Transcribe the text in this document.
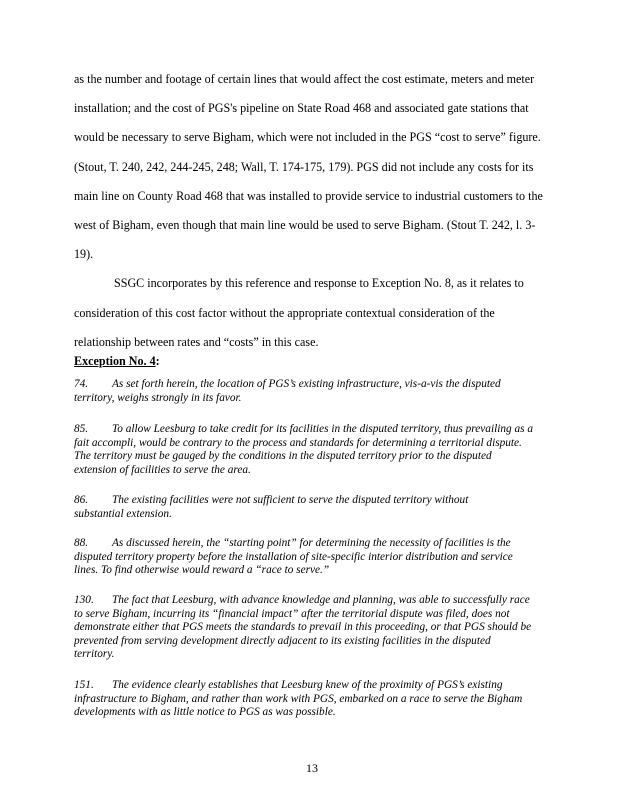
as the number and footage of certain lines that would affect the cost estimate, meters and meter
installation; and the cost of PGS's pipeline on State Road 468 and associated gate stations that
would be necessary to serve Bigham, which were not included in the PGS “cost to serve” figure.
(Stout, T. 240, 242, 244-245, 248; Wall, T. 174-175, 179). PGS did not include any costs for its
main line on County Road 468 that was installed to provide service to industrial customers to the
west of Bigham, even though that main line would be used to serve Bigham. (Stout T. 242, l. 3-
19).
SSGC incorporates by this reference and response to Exception No. 8, as it relates to
consideration of this cost factor without the appropriate contextual consideration of the
relationship between rates and “costs” in this case.
Exception No. 4:
74. As set forth herein, the location of PGS’s existing infrastructure, vis-a-vis the disputed
territory, weighs strongly in its favor.
85. To allow Leesburg to take credit for its facilities in the disputed territory, thus prevailing as a
fait accompli, would be contrary to the process and standards for determining a territorial dispute.
The territory must be gauged by the conditions in the disputed territory prior to the disputed
extension of facilities to serve the area.
86. The existing facilities were not sufficient to serve the disputed territory without
substantial extension.
88. As discussed herein, the “starting point” for determining the necessity of facilities is the
disputed territory property before the installation of site-specific interior distribution and service
lines. To find otherwise would reward a “race to serve.”
130. The fact that Leesburg, with advance knowledge and planning, was able to successfully race
to serve Bigham, incurring its “financial impact” after the territorial dispute was filed, does not
demonstrate either that PGS meets the standards to prevail in this proceeding, or that PGS should be
prevented from serving development directly adjacent to its existing facilities in the disputed
territory.
151. The evidence clearly establishes that Leesburg knew of the proximity of PGS’s existing
infrastructure to Bigham, and rather than work with PGS, embarked on a race to serve the Bigham
developments with as little notice to PGS as was possible.
13
